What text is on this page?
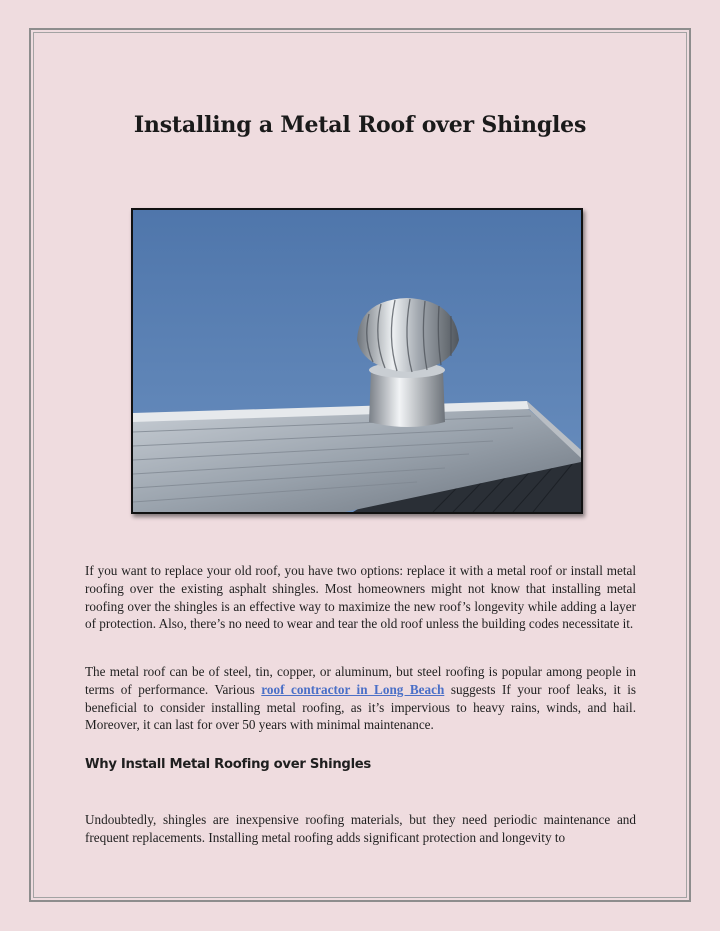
Installing a Metal Roof over Shingles

If you want to replace your old roof, you have two options: replace it with a metal roof or install metal roofing over the existing asphalt shingles. Most homeowners might not know that installing metal roofing over the shingles is an effective way to maximize the new roof’s longevity while adding a layer of protection. Also, there’s no need to wear and tear the old roof unless the building codes necessitate it.

The metal roof can be of steel, tin, copper, or aluminum, but steel roofing is popular among people in terms of performance. Various roof contractor in Long Beach suggests If your roof leaks, it is beneficial to consider installing metal roofing, as it’s impervious to heavy rains, winds, and hail. Moreover, it can last for over 50 years with minimal maintenance.

Why Install Metal Roofing over Shingles

Undoubtedly, shingles are inexpensive roofing materials, but they need periodic maintenance and frequent replacements. Installing metal roofing adds significant protection and longevity to
